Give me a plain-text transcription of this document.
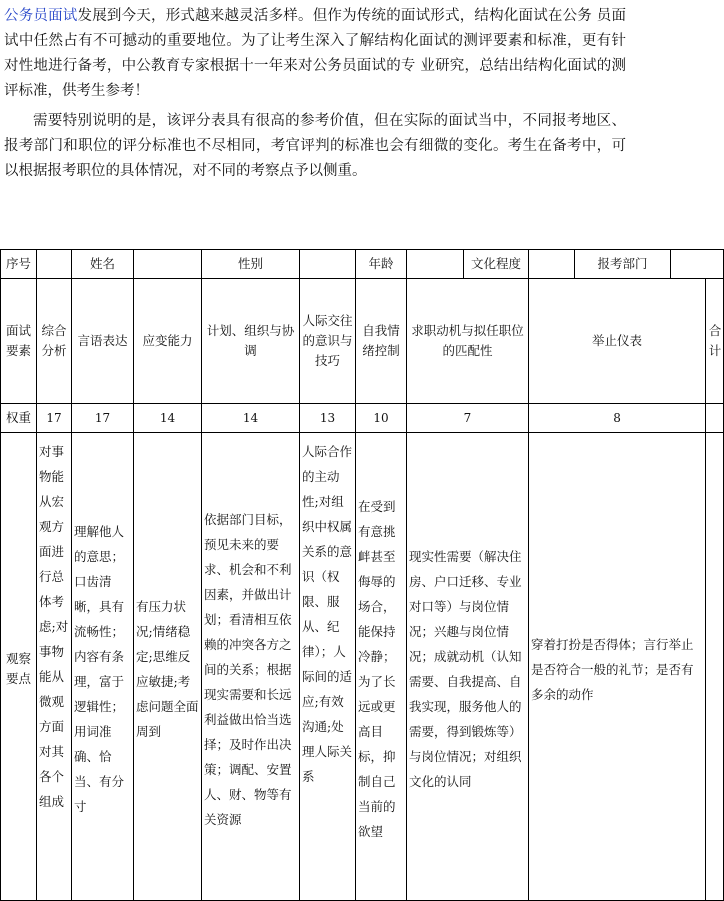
公务员面试发展到今天，形式越来越灵活多样。但作为传统的面试形式，结构化面试在公务 员面试中任然占有不可撼动的重要地位。为了让考生深入了解结构化面试的测评要素和标准，更有针对性地进行备考，中公教育专家根据十一年来对公务员面试的专 业研究，总结出结构化面试的测评标准，供考生参考！

需要特别说明的是，该评分表具有很高的参考价值，但在实际的面试当中，不同报考地区、报考部门和职位的评分标准也不尽相同，考官评判的标准也会有细微的变化。考生在备考中，可以根据报考职位的具体情况，对不同的考察点予以侧重。

序号		姓名		性别		年龄		文化程度		报考部门		
面试要素	综合分析	言语表达	应变能力	计划、组织与协调	人际交往的意识与技巧	自我情绪控制	求职动机与拟任职位的匹配性		举止仪表			合计
权重	17	17	14	14	13	10	7		8			
观察要点	对事物能从宏观方面进行总体考虑;对事物能从微观方面对其各个组成	理解他人的意思；口齿清晰，具有流畅性；内容有条理，富于逻辑性；用词准确、恰当、有分寸	有压力状况;情绪稳定;思维反应敏捷;考虑问题全面周到	依据部门目标，预见未来的要求、机会和不利因素，并做出计划；看清相互依赖的冲突各方之间的关系；根据现实需要和长远利益做出恰当选择；及时作出决策；调配、安置人、财、物等有关资源	人际合作的主动性;对组织中权属关系的意识（权限、服从、纪律）；人际间的适应;有效沟通;处理人际关系	在受到有意挑衅甚至侮辱的场合，能保持冷静；为了长远或更高目标，抑制自己当前的欲望	现实性需要（解决住房、户口迁移、专业对口等）与岗位情况；兴趣与岗位情况；成就动机（认知需要、自我提高、自我实现，服务他人的需要，得到锻炼等）与岗位情况；对组织文化的认同		穿着打扮是否得体；言行举止是否符合一般的礼节；是否有多余的动作			
